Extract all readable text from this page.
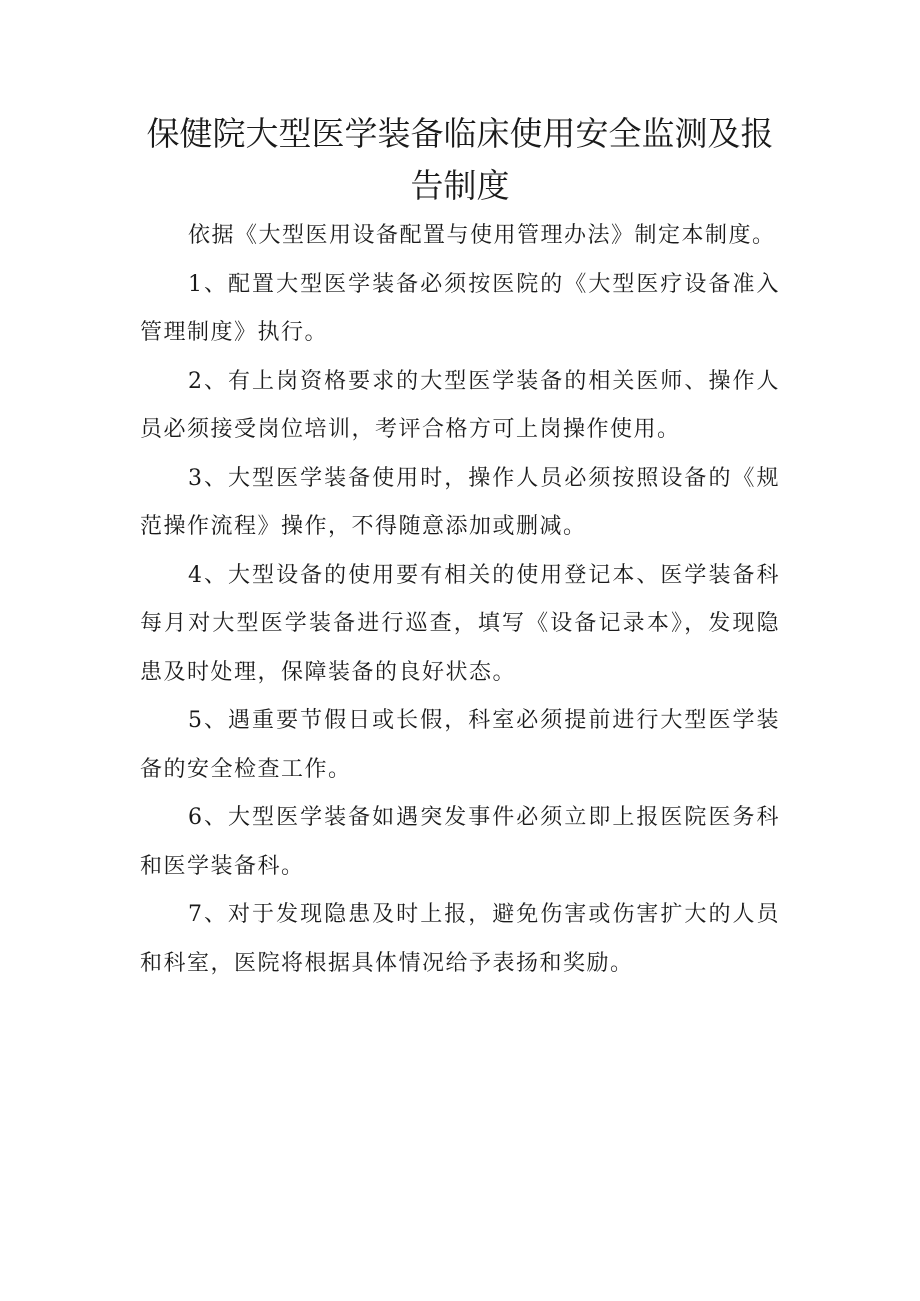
保健院大型医学装备临床使用安全监测及报告制度

依据《大型医用设备配置与使用管理办法》制定本制度。

1、配置大型医学装备必须按医院的《大型医疗设备准入管理制度》执行。

2、有上岗资格要求的大型医学装备的相关医师、操作人员必须接受岗位培训，考评合格方可上岗操作使用。

3、大型医学装备使用时，操作人员必须按照设备的《规范操作流程》操作，不得随意添加或删减。

4、大型设备的使用要有相关的使用登记本、医学装备科每月对大型医学装备进行巡查，填写《设备记录本》，发现隐患及时处理，保障装备的良好状态。

5、遇重要节假日或长假，科室必须提前进行大型医学装备的安全检查工作。

6、大型医学装备如遇突发事件必须立即上报医院医务科和医学装备科。

7、对于发现隐患及时上报，避免伤害或伤害扩大的人员和科室，医院将根据具体情况给予表扬和奖励。
